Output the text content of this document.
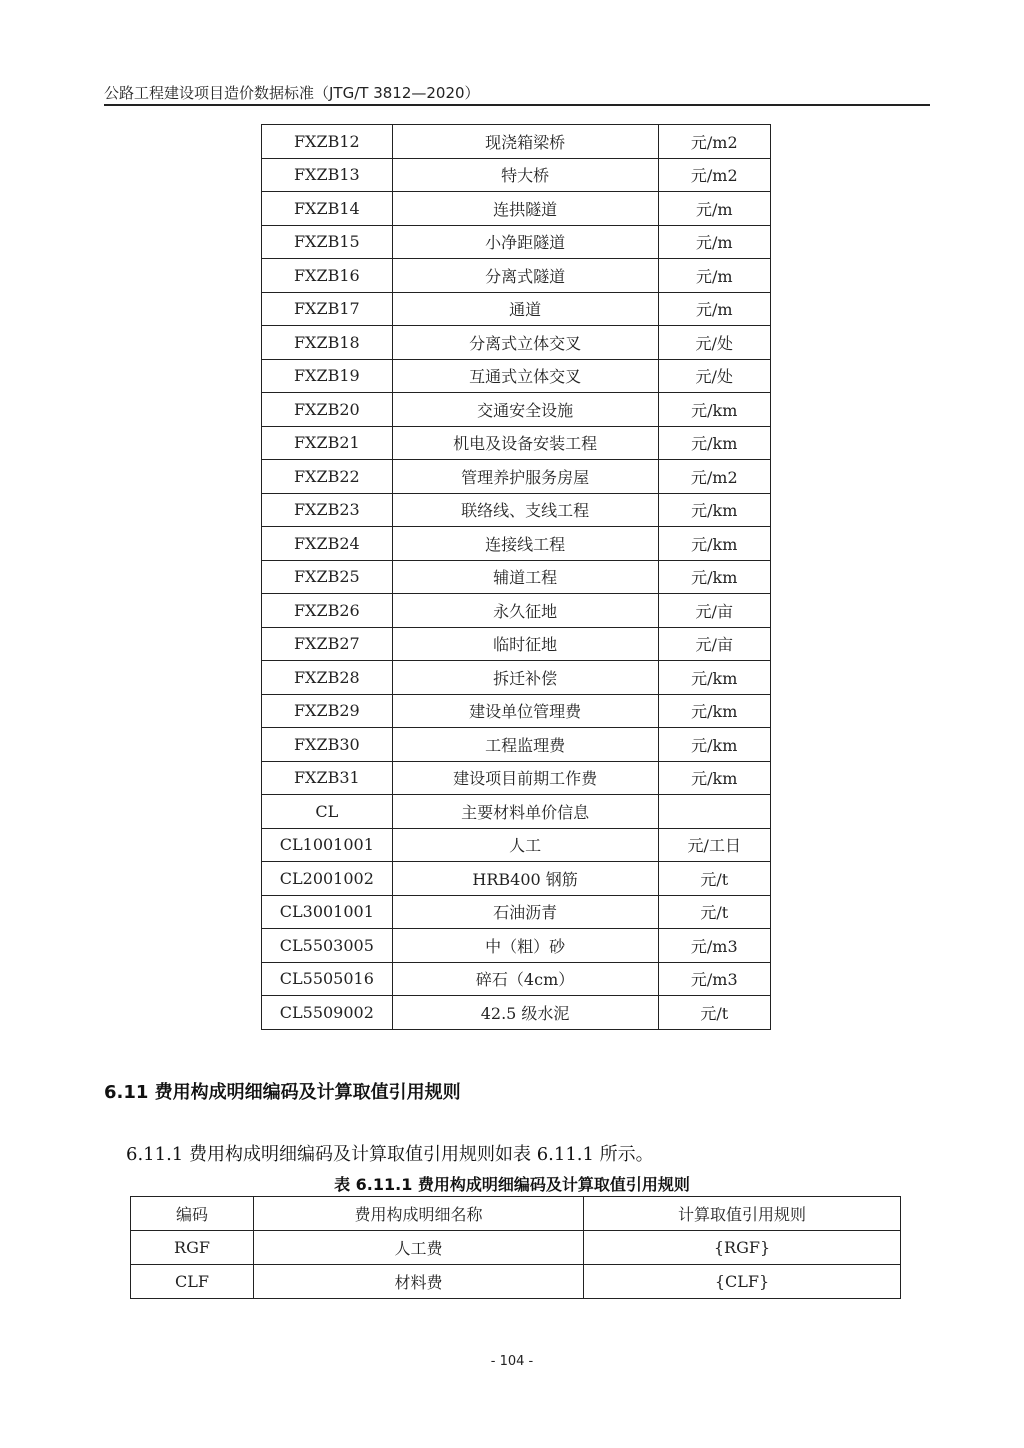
公路工程建设项目造价数据标准（JTG/T 3812—2020）
FXZB12	现浇箱梁桥	元/m2
FXZB13	特大桥	元/m2
FXZB14	连拱隧道	元/m
FXZB15	小净距隧道	元/m
FXZB16	分离式隧道	元/m
FXZB17	通道	元/m
FXZB18	分离式立体交叉	元/处
FXZB19	互通式立体交叉	元/处
FXZB20	交通安全设施	元/km
FXZB21	机电及设备安装工程	元/km
FXZB22	管理养护服务房屋	元/m2
FXZB23	联络线、支线工程	元/km
FXZB24	连接线工程	元/km
FXZB25	辅道工程	元/km
FXZB26	永久征地	元/亩
FXZB27	临时征地	元/亩
FXZB28	拆迁补偿	元/km
FXZB29	建设单位管理费	元/km
FXZB30	工程监理费	元/km
FXZB31	建设项目前期工作费	元/km
CL	主要材料单价信息	
CL1001001	人工	元/工日
CL2001002	HRB400 钢筋	元/t
CL3001001	石油沥青	元/t
CL5503005	中（粗）砂	元/m3
CL5505016	碎石（4cm）	元/m3
CL5509002	42.5 级水泥	元/t
6.11 费用构成明细编码及计算取值引用规则
6.11.1 费用构成明细编码及计算取值引用规则如表 6.11.1 所示。
表 6.11.1 费用构成明细编码及计算取值引用规则
编码	费用构成明细名称	计算取值引用规则
RGF	人工费	{RGF}
CLF	材料费	{CLF}
- 104 -
